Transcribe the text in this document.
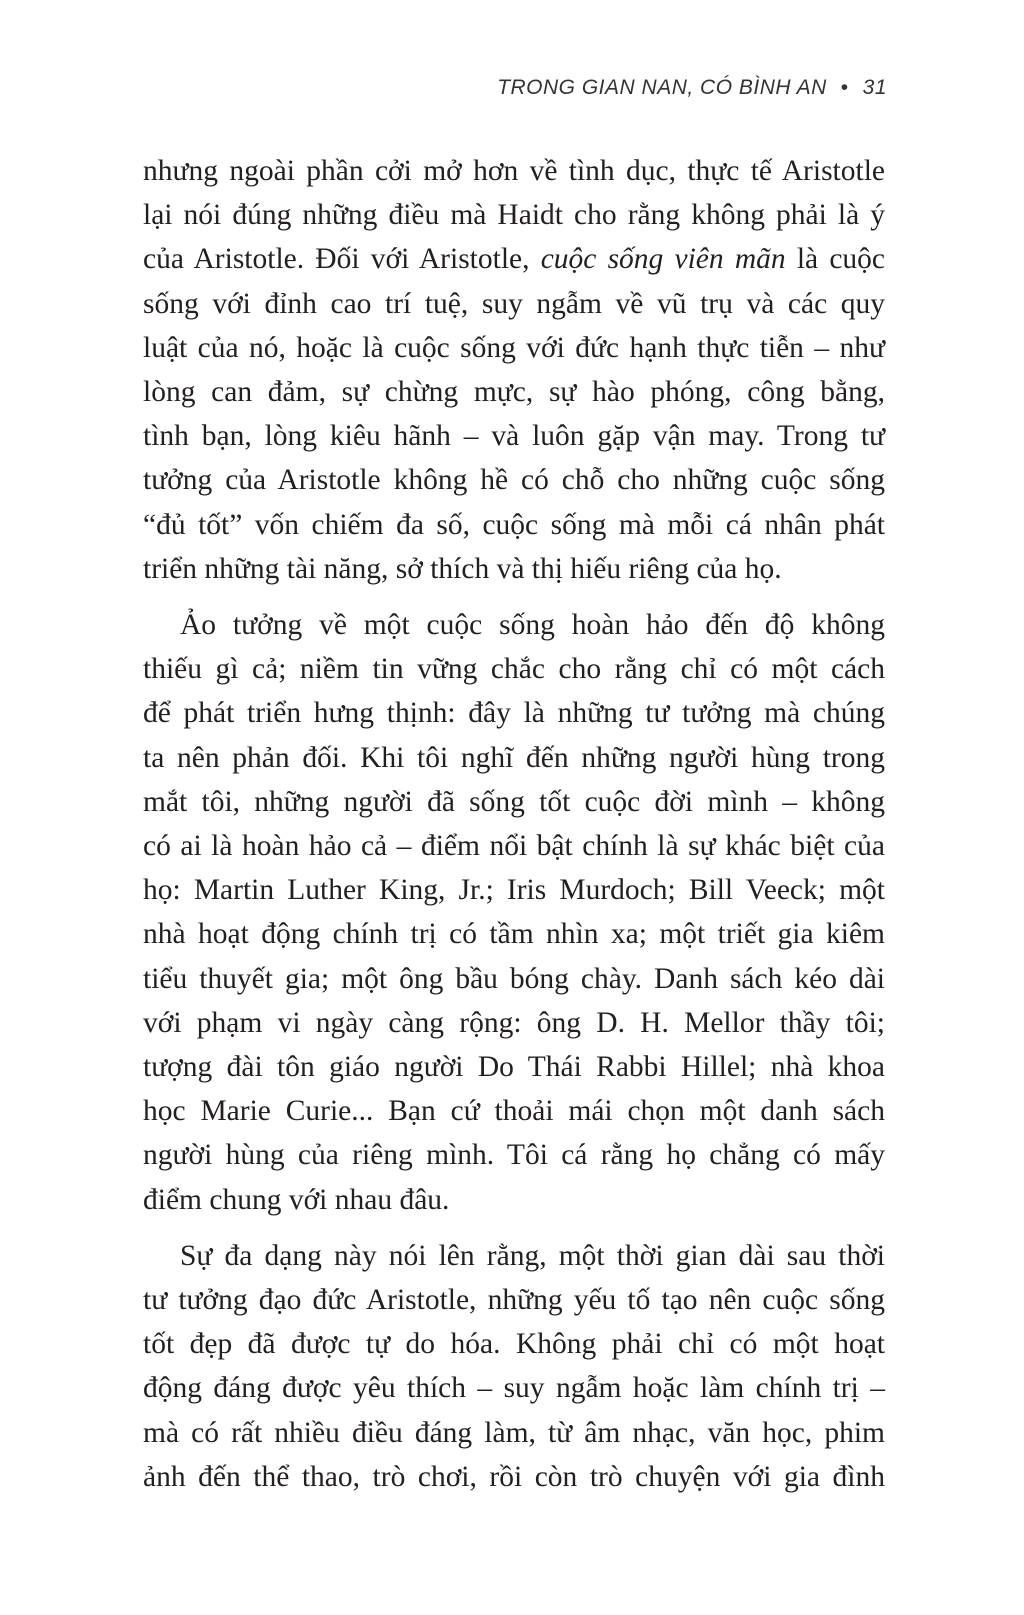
TRONG GIAN NAN, CÓ BÌNH AN • 31
nhưng ngoài phần cởi mở hơn về tình dục, thực tế Aristotle
lại nói đúng những điều mà Haidt cho rằng không phải là ý
của Aristotle. Đối với Aristotle, cuộc sống viên mãn là cuộc
sống với đỉnh cao trí tuệ, suy ngẫm về vũ trụ và các quy
luật của nó, hoặc là cuộc sống với đức hạnh thực tiễn – như
lòng can đảm, sự chừng mực, sự hào phóng, công bằng,
tình bạn, lòng kiêu hãnh – và luôn gặp vận may. Trong tư
tưởng của Aristotle không hề có chỗ cho những cuộc sống
“đủ tốt” vốn chiếm đa số, cuộc sống mà mỗi cá nhân phát
triển những tài năng, sở thích và thị hiếu riêng của họ.
Ảo tưởng về một cuộc sống hoàn hảo đến độ không
thiếu gì cả; niềm tin vững chắc cho rằng chỉ có một cách
để phát triển hưng thịnh: đây là những tư tưởng mà chúng
ta nên phản đối. Khi tôi nghĩ đến những người hùng trong
mắt tôi, những người đã sống tốt cuộc đời mình – không
có ai là hoàn hảo cả – điểm nổi bật chính là sự khác biệt của
họ: Martin Luther King, Jr.; Iris Murdoch; Bill Veeck; một
nhà hoạt động chính trị có tầm nhìn xa; một triết gia kiêm
tiểu thuyết gia; một ông bầu bóng chày. Danh sách kéo dài
với phạm vi ngày càng rộng: ông D. H. Mellor thầy tôi;
tượng đài tôn giáo người Do Thái Rabbi Hillel; nhà khoa
học Marie Curie... Bạn cứ thoải mái chọn một danh sách
người hùng của riêng mình. Tôi cá rằng họ chẳng có mấy
điểm chung với nhau đâu.
Sự đa dạng này nói lên rằng, một thời gian dài sau thời
tư tưởng đạo đức Aristotle, những yếu tố tạo nên cuộc sống
tốt đẹp đã được tự do hóa. Không phải chỉ có một hoạt
động đáng được yêu thích – suy ngẫm hoặc làm chính trị –
mà có rất nhiều điều đáng làm, từ âm nhạc, văn học, phim
ảnh đến thể thao, trò chơi, rồi còn trò chuyện với gia đình
